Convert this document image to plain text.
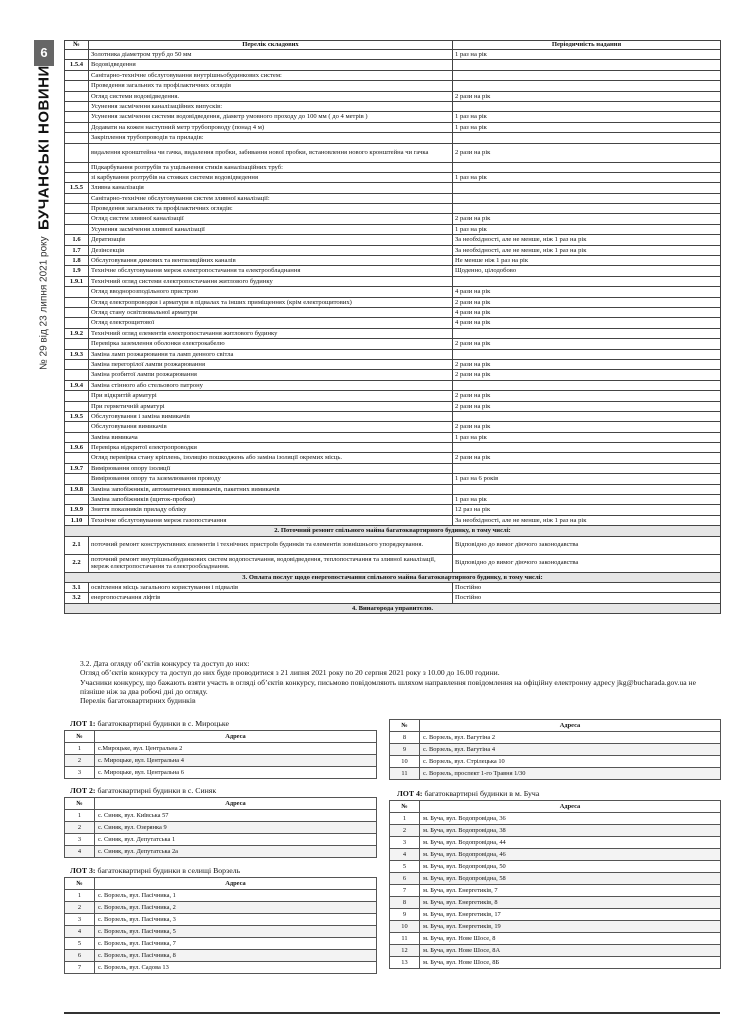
6
БУЧАНСЬКІ НОВИНИ
№ 29 від 23 липня 2021 року
№	Перелік складових	Періодичність надання
	Золотника діаметром труб до 50 мм	1 раз на рік
1.5.4	Водовідведення	
	Санітарно-технічне обслуговування внутрішньобудинкових систем:	
	Проведення загальних та профілактичних оглядів	
	Огляд системи водовідведення.	2 рази на рік
	Усунення засмічення каналізаційних випусків:	
	Усунення засмічення системи водовідведення, діаметр умовного проходу до 100 мм ( до 4 метрів )	1 раз на рік
	Додавати на кожен наступний метр трубопроводу (понад 4 м)	1 раз на рік
	Закріплення трубопроводів та приладів:	
	видалення кронштейна чи гачка, видалення пробки, забивання нової пробки, встановлення нового кронштейна чи гачка	2 рази на рік
	Підкарбування розтрубів та ущільнення стиків каналізаційних труб:	
	зі карбування розтрубів на стояках системи водовідведення	1 раз на рік
1.5.5	Зливна каналізація	
	Санітарно-технічне обслуговування систем зливної каналізації:	
	Проведення загальних та профілактичних оглядів:	
	Огляд систем зливної каналізації	2 рази на рік
	Усунення засмічення зливної каналізації	1 раз на рік
1.6	Дератизація	За необхідності, але не менше, ніж 1 раз на рік
1.7	Дезінсекція	За необхідності, але не менше, ніж 1 раз на рік
1.8	Обслуговування димових та вентиляційних каналів	Не менше ніж 1 раз на рік
1.9	Технічне обслуговування мереж електропостачання та електрообладнання	Щоденно, цілодобово
1.9.1	Технічний огляд системи електропостачання житлового будинку	
	Огляд вводнорозподільного пристрою	4 рази на рік
	Огляд електропроводки і арматури в підвалах та інших приміщеннях (крім електрощитових)	2 рази на рік
	Огляд стану освітлювальної арматури	4 рази на рік
	Огляд електрощитової	4 рази на рік
1.9.2	Технічний огляд елементів електропостачання житлового будинку	
	Перевірка заземлення оболонки електрокабелю	2 рази на рік
1.9.3	Заміна ламп розжарювання та ламп денного світла	
	Заміна перегорілої лампи розжарювання	2 рази на рік
	Заміна розбитої лампи розжарювання	2 рази на рік
1.9.4	Заміна стінного або стельового патрону	
	При відкритій арматурі	2 рази на рік
	При герметичній арматурі	2 рази на рік
1.9.5	Обслуговування і заміна вимикачів	
	Обслуговування вимикачів	2 рази на рік
	Заміна вимикача	1 раз на рік
1.9.6	Перевірка відкритої електропроводки	
	Огляд перевірка стану кріплень, ізоляцію пошкоджень або заміна ізоляції окремих місць.	2 рази на рік
1.9.7	Вимірювання опору ізоляції	
	Вимірювання опору та заземлювання проводу	1 раз на 6 років
1.9.8	Заміна запобіжників, автоматичних вимикачів, пакетних вимикачів	
	Заміна запобіжників (щиток-пробки)	1 раз на рік
1.9.9	Зняття показників приладу обліку	12 раз на рік
1.10	Технічне обслуговування мереж газопостачання	За необхідності, але не менше, ніж 1 раз на рік
2. Поточний ремонт спільного майна багатоквартирного будинку, в тому числі:		
2.1	поточний ремонт конструктивних елементів і технічних пристроїв будинків та елементів зовнішнього упорядкування.	Відповідно до вимог діючого законодавства
2.2	поточний ремонт внутрішньобудинкових систем водопостачання, водовідведення, теплопостачання та зливної каналізації, мереж електропостачання та електрообладнання.	Відповідно до вимог діючого законодавства
3. Оплата послуг щодо енергопостачання спільного майна багатоквартирного будинку, в тому числі:		
3.1	освітлення місць загального користування і підвалів	Постійно
3.2	енергопостачання ліфтів	Постійно
4. Винагорода управителю.		

3.2. Дата огляду об’єктів конкурсу та доступ до них:

Огляд об’єктів конкурсу та доступ до них буде проводитися з 21 липня 2021 року по 20 серпня 2021 року з 10.00 до 16.00 години.

Учасники конкурсу, що бажають взяти участь в огляді об’єктів конкурсу, письмово повідомляють шляхом направлення повідомлення на офіційну електронну адресу jkg@bucharada.gov.ua не пізніше ніж за два робочі дні до огляду.

Перелік багатоквартирних будинків

ЛОТ 1: багатоквартирні будинки в с. Мироцьке
№	Адреса
1	с.Мироцьке, вул. Центральна 2
2	с. Мироцьке, вул. Центральна 4
3	с. Мироцьке, вул. Центральна 6
ЛОТ 2: багатоквартирні будинки в с. Синяк
№	Адреса
1	с. Синяк, вул. Київська 57
2	с. Синяк, вул. Озерянка 9
3	с. Синяк, вул. Депутатська 1
4	с. Синяк, вул. Депутатська 2а
ЛОТ 3: багатоквартирні будинки в селищі Ворзель
№	Адреса
1	с. Ворзель, вул. Пасічника, 1
2	с. Ворзель, вул. Пасічника, 2
3	с. Ворзель, вул. Пасічника, 3
4	с. Ворзель, вул. Пасічника, 5
5	с. Ворзель, вул. Пасічника, 7
6	с. Ворзель, вул. Пасічника, 8
7	с. Ворзель, вул. Садова 13
№	Адреса
8	с. Ворзель, вул. Вагутіна 2
9	с. Ворзель, вул. Вагутіна 4
10	с. Ворзель, вул. Стрілецька 10
11	с. Ворзель, проспект 1-го Травня 1/30
ЛОТ 4: багатоквартирні будинки в м. Буча
№	Адреса
1	м. Буча, вул. Водопровідна, 36
2	м. Буча, вул. Водопровідна, 38
3	м. Буча, вул. Водопровідна, 44
4	м. Буча, вул. Водопровідна, 46
5	м. Буча, вул. Водопровідна, 50
6	м. Буча, вул. Водопровідна, 58
7	м. Буча, вул. Енергетиків, 7
8	м. Буча, вул. Енергетиків, 8
9	м. Буча, вул. Енергетиків, 17
10	м. Буча, вул. Енергетиків, 19
11	м. Буча, вул. Нове Шосе, 8
12	м. Буча, вул. Нове Шосе, 8А
13	м. Буча, вул. Нове Шосе, 8Б
